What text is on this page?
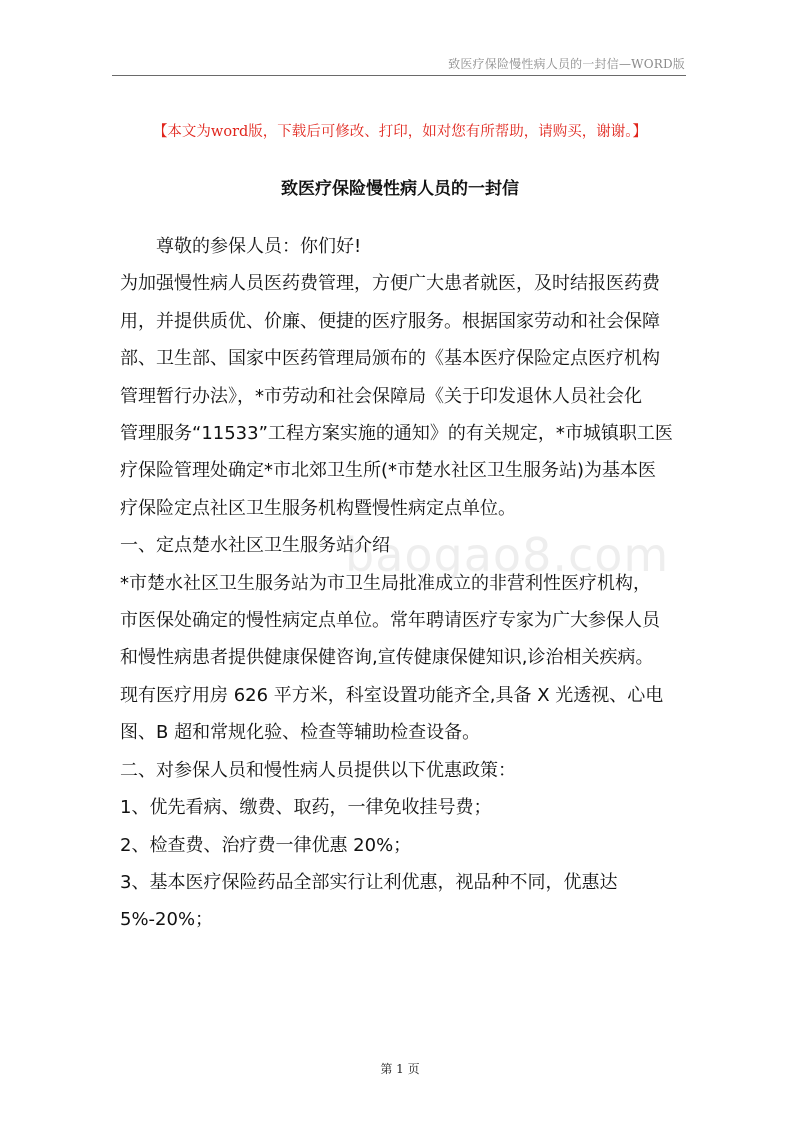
致医疗保险慢性病人员的一封信—WORD版
【本文为word版，下载后可修改、打印，如对您有所帮助，请购买，谢谢。】
致医疗保险慢性病人员的一封信
baogao8.com

尊敬的参保人员：你们好!

为加强慢性病人员医药费管理，方便广大患者就医，及时结报医药费

用，并提供质优、价廉、便捷的医疗服务。根据国家劳动和社会保障

部、卫生部、国家中医药管理局颁布的《基本医疗保险定点医疗机构

管理暂行办法》，*市劳动和社会保障局《关于印发退休人员社会化

管理服务“11533”工程方案实施的通知》的有关规定，*市城镇职工医

疗保险管理处确定*市北郊卫生所(*市楚水社区卫生服务站)为基本医

疗保险定点社区卫生服务机构暨慢性病定点单位。

一、定点楚水社区卫生服务站介绍

*市楚水社区卫生服务站为市卫生局批准成立的非营利性医疗机构，

市医保处确定的慢性病定点单位。常年聘请医疗专家为广大参保人员

和慢性病患者提供健康保健咨询,宣传健康保健知识,诊治相关疾病。

现有医疗用房 626 平方米，科室设置功能齐全,具备 X 光透视、心电

图、B 超和常规化验、检查等辅助检查设备。

二、对参保人员和慢性病人员提供以下优惠政策：

1、优先看病、缴费、取药，一律免收挂号费；

2、检查费、治疗费一律优惠 20%；

3、基本医疗保险药品全部实行让利优惠，视品种不同，优惠达

5%-20%；

第 1 页
